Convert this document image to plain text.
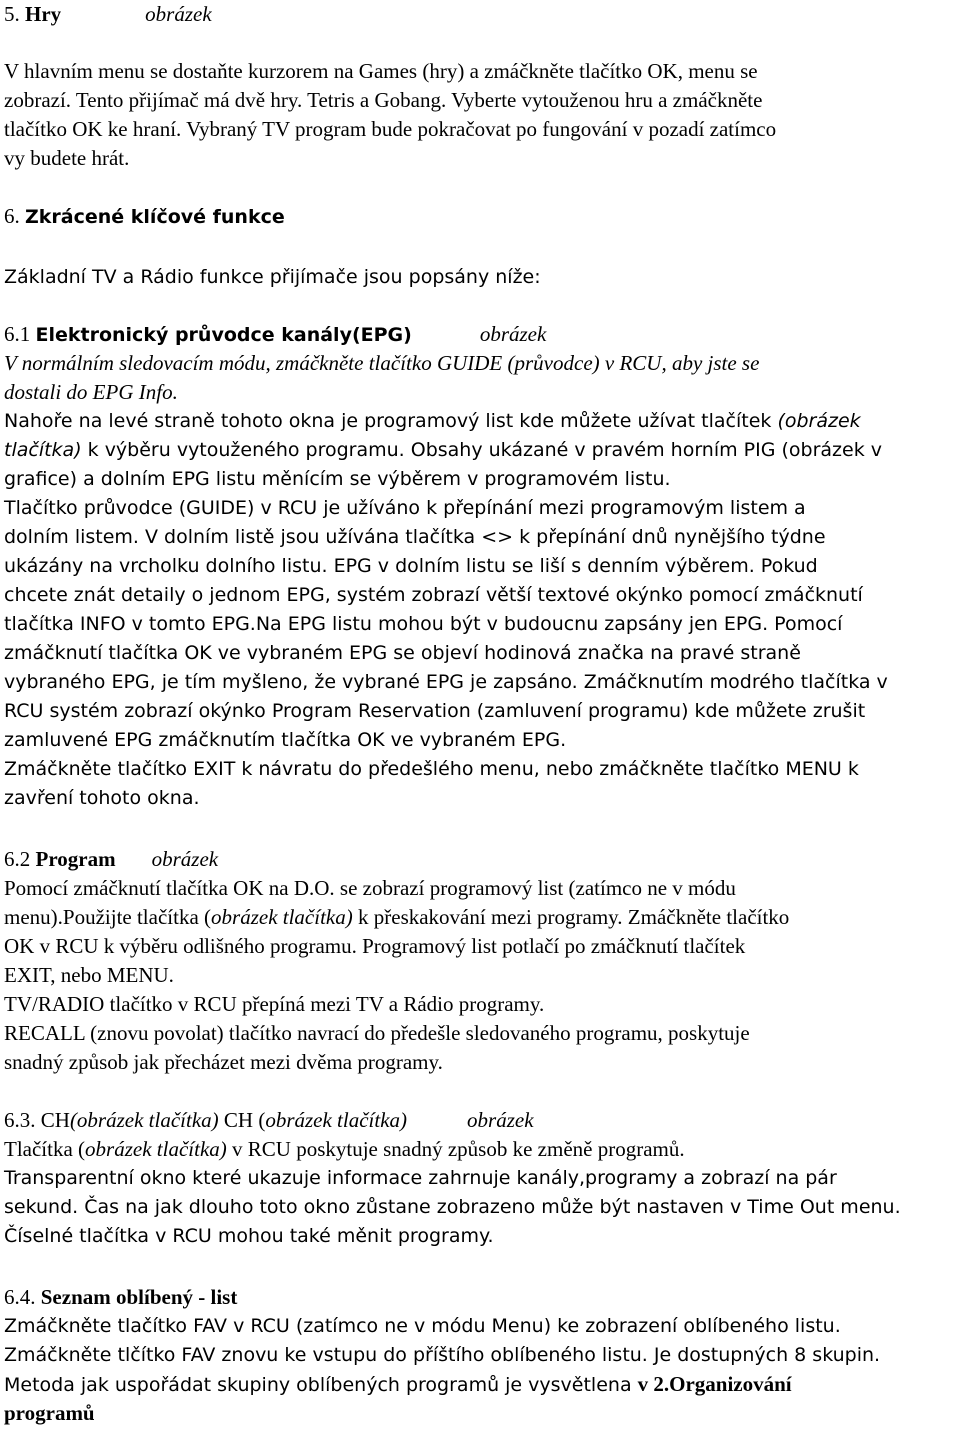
5. Hry	obrázek
V hlavním menu se dostaňte kurzorem na Games (hry) a zmáčkněte tlačítko OK, menu se
zobrazí. Tento přijímač má dvě hry. Tetris a Gobang. Vyberte vytouženou hru a zmáčkněte
tlačítko OK ke hraní. Vybraný TV program bude pokračovat po fungování v pozadí zatímco
vy budete hrát.
6. Zkrácené klíčové funkce
Základní TV a Rádio funkce přijímače jsou popsány níže:
6.1 Elektronický průvodce kanály(EPG)	obrázek
V normálním sledovacím módu, zmáčkněte tlačítko GUIDE (průvodce) v RCU, aby jste se
dostali do EPG Info.
Nahoře na levé straně tohoto okna je programový list kde můžete užívat tlačítek (obrázek
tlačítka) k výběru vytouženého programu. Obsahy ukázané v pravém horním PIG (obrázek v
grafice) a dolním EPG listu měnícím se výběrem v programovém listu.
Tlačítko průvodce (GUIDE) v RCU je užíváno k přepínání mezi programovým listem a
dolním listem. V dolním listě jsou užívána tlačítka <> k přepínání dnů nynějšího týdne
ukázány na vrcholku dolního listu. EPG v dolním listu se liší s denním výběrem. Pokud
chcete znát detaily o jednom EPG, systém zobrazí větší textové okýnko pomocí zmáčknutí
tlačítka INFO v tomto EPG.Na EPG listu mohou být v budoucnu zapsány jen EPG. Pomocí
zmáčknutí tlačítka OK ve vybraném EPG se objeví hodinová značka na pravé straně
vybraného EPG, je tím myšleno, že vybrané EPG je zapsáno. Zmáčknutím modrého tlačítka v
RCU systém zobrazí okýnko Program Reservation (zamluvení programu) kde můžete zrušit
zamluvené EPG zmáčknutím tlačítka OK ve vybraném EPG.
Zmáčkněte tlačítko EXIT k návratu do předešlého menu, nebo zmáčkněte tlačítko MENU k
zavření tohoto okna.
6.2 Program obrázek
Pomocí zmáčknutí tlačítka OK na D.O. se zobrazí programový list (zatímco ne v módu
menu).Použijte tlačítka (obrázek tlačítka) k přeskakování mezi programy. Zmáčkněte tlačítko
OK v RCU k výběru odlišného programu. Programový list potlačí po zmáčknutí tlačítek
EXIT, nebo MENU.
TV/RADIO tlačítko v RCU přepíná mezi TV a Rádio programy.
RECALL (znovu povolat) tlačítko navrací do předešle sledovaného programu, poskytuje
snadný způsob jak přecházet mezi dvěma programy.
6.3. CH(obrázek tlačítka) CH (obrázek tlačítka)	obrázek
Tlačítka (obrázek tlačítka) v RCU poskytuje snadný způsob ke změně programů.
Transparentní okno které ukazuje informace zahrnuje kanály,programy a zobrazí na pár
sekund. Čas na jak dlouho toto okno zůstane zobrazeno může být nastaven v Time Out menu.
Číselné tlačítka v RCU mohou také měnit programy.
6.4. Seznam oblíbený - list
Zmáčkněte tlačítko FAV v RCU (zatímco ne v módu Menu) ke zobrazení oblíbeného listu.
Zmáčkněte tlčítko FAV znovu ke vstupu do příštího oblíbeného listu. Je dostupných 8 skupin.
Metoda jak uspořádat skupiny oblíbených programů je vysvětlena v 2.Organizování
programů
